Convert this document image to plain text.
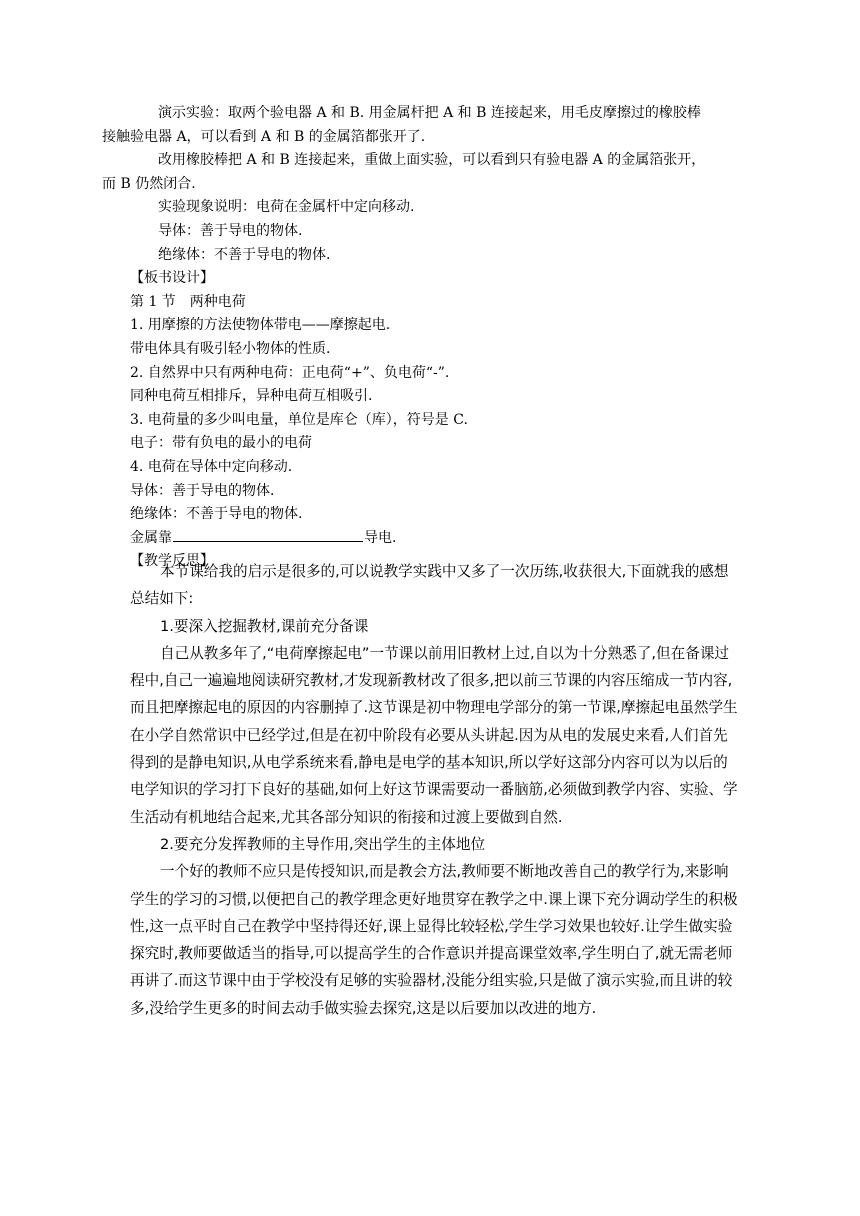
演示实验：取两个验电器 A 和 B. 用金属杆把 A 和 B 连接起来，用毛皮摩擦过的橡胶棒
接触验电器 A，可以看到 A 和 B 的金属箔都张开了.

改用橡胶棒把 A 和 B 连接起来，重做上面实验，可以看到只有验电器 A 的金属箔张开，
而 B 仍然闭合.

实验现象说明：电荷在金属杆中定向移动.

导体：善于导电的物体.

绝缘体：不善于导电的物体.

【板书设计】

第 1 节　两种电荷

1. 用摩擦的方法使物体带电——摩擦起电.

带电体具有吸引轻小物体的性质.

2. 自然界中只有两种电荷：正电荷“+”、负电荷“-”.

同种电荷互相排斥，异种电荷互相吸引.

3. 电荷量的多少叫电量，单位是库仑（库），符号是 C.

电子：带有负电的最小的电荷

4. 电荷在导体中定向移动.

导体：善于导电的物体.

绝缘体：不善于导电的物体.

金属靠	导电.

【教学反思】

本节课给我的启示是很多的,可以说教学实践中又多了一次历练,收获很大,下面就我的感想总结如下:

1.要深入挖掘教材,课前充分备课

自己从教多年了,“电荷摩擦起电”一节课以前用旧教材上过,自以为十分熟悉了,但在备课过程中,自己一遍遍地阅读研究教材,才发现新教材改了很多,把以前三节课的内容压缩成一节内容,而且把摩擦起电的原因的内容删掉了.这节课是初中物理电学部分的第一节课,摩擦起电虽然学生在小学自然常识中已经学过,但是在初中阶段有必要从头讲起.因为从电的发展史来看,人们首先得到的是静电知识,从电学系统来看,静电是电学的基本知识,所以学好这部分内容可以为以后的电学知识的学习打下良好的基础,如何上好这节课需要动一番脑筋,必须做到教学内容、实验、学生活动有机地结合起来,尤其各部分知识的衔接和过渡上要做到自然.

2.要充分发挥教师的主导作用,突出学生的主体地位

一个好的教师不应只是传授知识,而是教会方法,教师要不断地改善自己的教学行为,来影响学生的学习的习惯,以便把自己的教学理念更好地贯穿在教学之中.课上课下充分调动学生的积极性,这一点平时自己在教学中坚持得还好,课上显得比较轻松,学生学习效果也较好.让学生做实验探究时,教师要做适当的指导,可以提高学生的合作意识并提高课堂效率,学生明白了,就无需老师再讲了.而这节课中由于学校没有足够的实验器材,没能分组实验,只是做了演示实验,而且讲的较多,没给学生更多的时间去动手做实验去探究,这是以后要加以改进的地方.
